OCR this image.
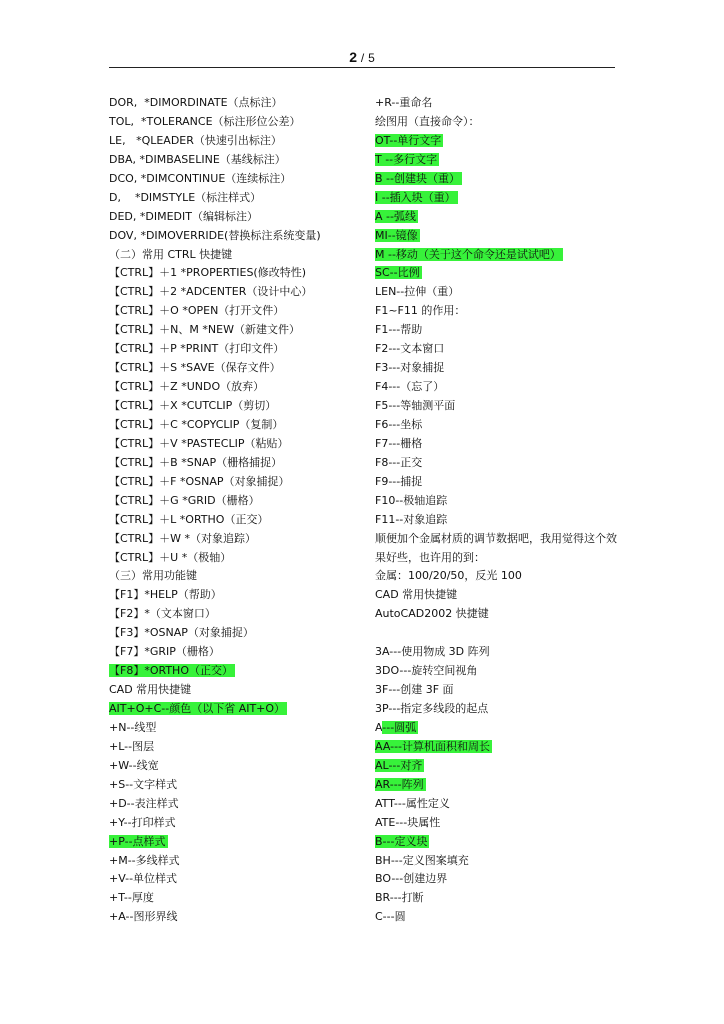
2 / 5
DOR,  *DIMORDINATE（点标注）
TOL,  *TOLERANCE（标注形位公差）
LE,   *QLEADER（快速引出标注）
DBA, *DIMBASELINE（基线标注）
DCO, *DIMCONTINUE（连续标注）
D,    *DIMSTYLE（标注样式）
DED, *DIMEDIT（编辑标注）
DOV, *DIMOVERRIDE(替换标注系统变量)
（二）常用 CTRL 快捷键
【CTRL】＋1 *PROPERTIES(修改特性)
【CTRL】＋2 *ADCENTER（设计中心）
【CTRL】＋O *OPEN（打开文件）
【CTRL】＋N、M *NEW（新建文件）
【CTRL】＋P *PRINT（打印文件）
【CTRL】＋S *SAVE（保存文件）
【CTRL】＋Z *UNDO（放弃）
【CTRL】＋X *CUTCLIP（剪切）
【CTRL】＋C *COPYCLIP（复制）
【CTRL】＋V *PASTECLIP（粘贴）
【CTRL】＋B *SNAP（栅格捕捉）
【CTRL】＋F *OSNAP（对象捕捉）
【CTRL】＋G *GRID（栅格）
【CTRL】＋L *ORTHO（正交）
【CTRL】＋W *（对象追踪）
【CTRL】＋U *（极轴）
（三）常用功能键
【F1】*HELP（帮助）
【F2】*（文本窗口）
【F3】*OSNAP（对象捕捉）
【F7】*GRIP（栅格）
【F8】*ORTHO（正交）
CAD 常用快捷键
AIT+O+C--颜色（以下省 AIT+O）
+N--线型
+L--图层
+W--线宽
+S--文字样式
+D--表注样式
+Y--打印样式
+P--点样式
+M--多线样式
+V--单位样式
+T--厚度
+A--图形界线
+R--重命名
绘图用（直接命令）：
OT--单行文字
T --多行文字
B --创建块（重）
I --插入块（重）
A --弧线
MI--镜像
M --移动（关于这个命令还是试试吧）
SC--比例
LEN--拉伸（重）
F1~F11 的作用：
F1---帮助
F2---文本窗口
F3---对象捕捉
F4---（忘了）
F5---等轴测平面
F6---坐标
F7---栅格
F8---正交
F9---捕捉
F10--极轴追踪
F11--对象追踪
顺便加个金属材质的调节数据吧，我用觉得这个效果好些，也许用的到：
金属：100/20/50，反光 100
CAD 常用快捷键
AutoCAD2002 快捷键
3A---使用物成 3D 阵列
3DO---旋转空间视角
3F---创建 3F 面
3P---指定多线段的起点
A---圆弧
AA---计算机面积和周长
AL---对齐
AR---阵列
ATT---属性定义
ATE---块属性
B---定义块
BH---定义图案填充
BO---创建边界
BR---打断
C---圆
